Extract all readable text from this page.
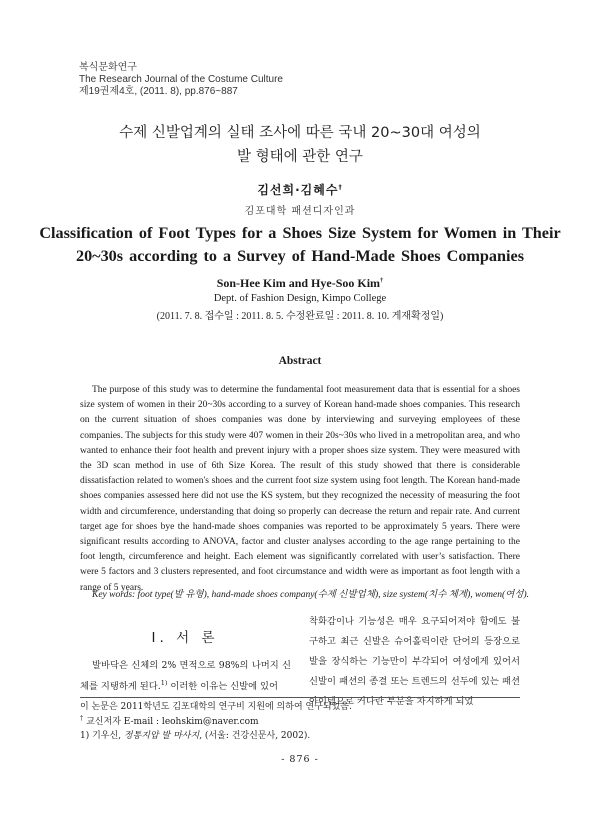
복식문화연구
The Research Journal of the Costume Culture
제19권제4호, (2011. 8), pp.876~887
수제 신발업계의 실태 조사에 따른 국내 20~30대 여성의
발 형태에 관한 연구
김선희·김혜수†
김포대학 패션디자인과
Classification of Foot Types for a Shoes Size System for Women in Their
20~30s according to a Survey of Hand-Made Shoes Companies
Son-Hee Kim and Hye-Soo Kim†
Dept. of Fashion Design, Kimpo College
(2011. 7. 8. 접수일 : 2011. 8. 5. 수정완료일 : 2011. 8. 10. 게재확정일)
Abstract

The purpose of this study was to determine the fundamental foot measurement data that is essential for a shoes size system of women in their 20~30s according to a survey of Korean hand-made shoes companies. This research on the current situation of shoes companies was done by interviewing and surveying employees of these companies. The subjects for this study were 407 women in their 20s~30s who lived in a metropolitan area, and who wanted to enhance their foot health and prevent injury with a proper shoes size system. They were measured with the 3D scan method in use of 6th Size Korea. The result of this study showed that there is considerable dissatisfaction related to women's shoes and the current foot size system using foot length. The Korean hand-made shoes companies assessed here did not use the KS system, but they recognized the necessity of measuring the foot width and circumference, understanding that doing so properly can decrease the return and repair rate. And current target age for shoes bye the hand-made shoes companies was reported to be approximately 5 years. There were significant results according to ANOVA, factor and cluster analyses according to the age range pertaining to the foot length, circumference and height. Each element was significantly correlated with user’s satisfaction. There were 5 factors and 3 clusters represented, and foot circumstance and width were as important as foot length with a range of 5 years.

Key words: foot type(발 유형), hand-made shoes company(수제 신발업체), size system(치수 체계), women(여성).
I. 서 론

발바닥은 신체의 2% 면적으로 98%의 나머지 신체를 지탱하게 된다.$^{1)}$ 이러한 이유는 신발에 있어

착화감이나 기능성은 매우 요구되어져야 함에도 불구하고 최근 신발은 슈어홀릭이란 단어의 등장으로 발을 장식하는 기능만이 부각되어 여성에게 있어서 신발이 패션의 종결 또는 트렌드의 선두에 있는 패션 아이템으로 커다란 부분을 차지하게 되었

이 논문은 2011학년도 김포대학의 연구비 지원에 의하여 연구되었음.
† 교신저자 E-mail : leohskim@naver.com
1) 기우신, 정통지압 발 마사지, (서울: 건강신문사, 2002).
- 876 -
